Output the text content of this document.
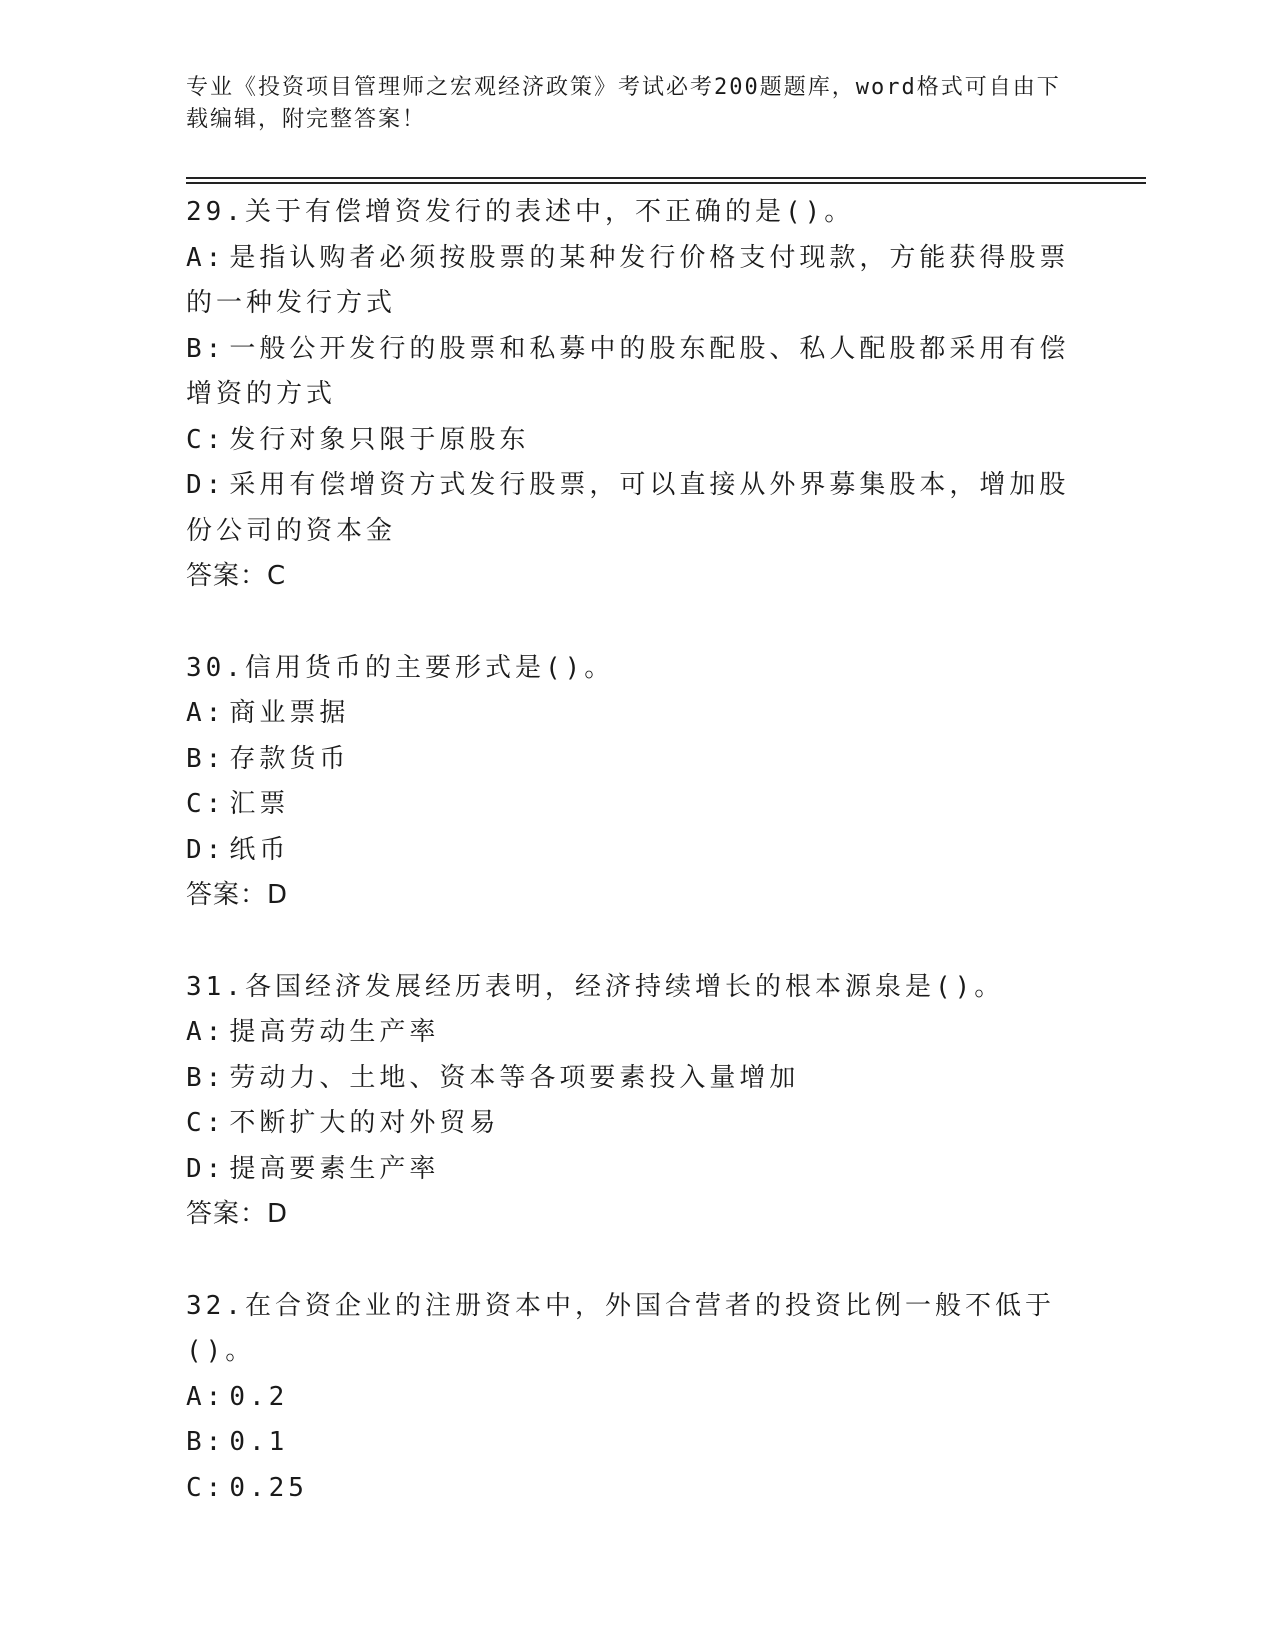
专业《投资项目管理师之宏观经济政策》考试必考200题题库，word格式可自由下载编辑，附完整答案！

29.关于有偿增资发行的表述中，不正确的是()。

A: 是指认购者必须按股票的某种发行价格支付现款，方能获得股票的一种发行方式

B: 一般公开发行的股票和私募中的股东配股、私人配股都采用有偿增资的方式

C: 发行对象只限于原股东

D: 采用有偿增资方式发行股票，可以直接从外界募集股本，增加股份公司的资本金

答案：C

30.信用货币的主要形式是()。

A: 商业票据

B: 存款货币

C: 汇票

D: 纸币

答案：D

31.各国经济发展经历表明，经济持续增长的根本源泉是()。

A: 提高劳动生产率

B: 劳动力、土地、资本等各项要素投入量增加

C: 不断扩大的对外贸易

D: 提高要素生产率

答案：D

32.在合资企业的注册资本中，外国合营者的投资比例一般不低于()。

A: 0.2

B: 0.1

C: 0.25
